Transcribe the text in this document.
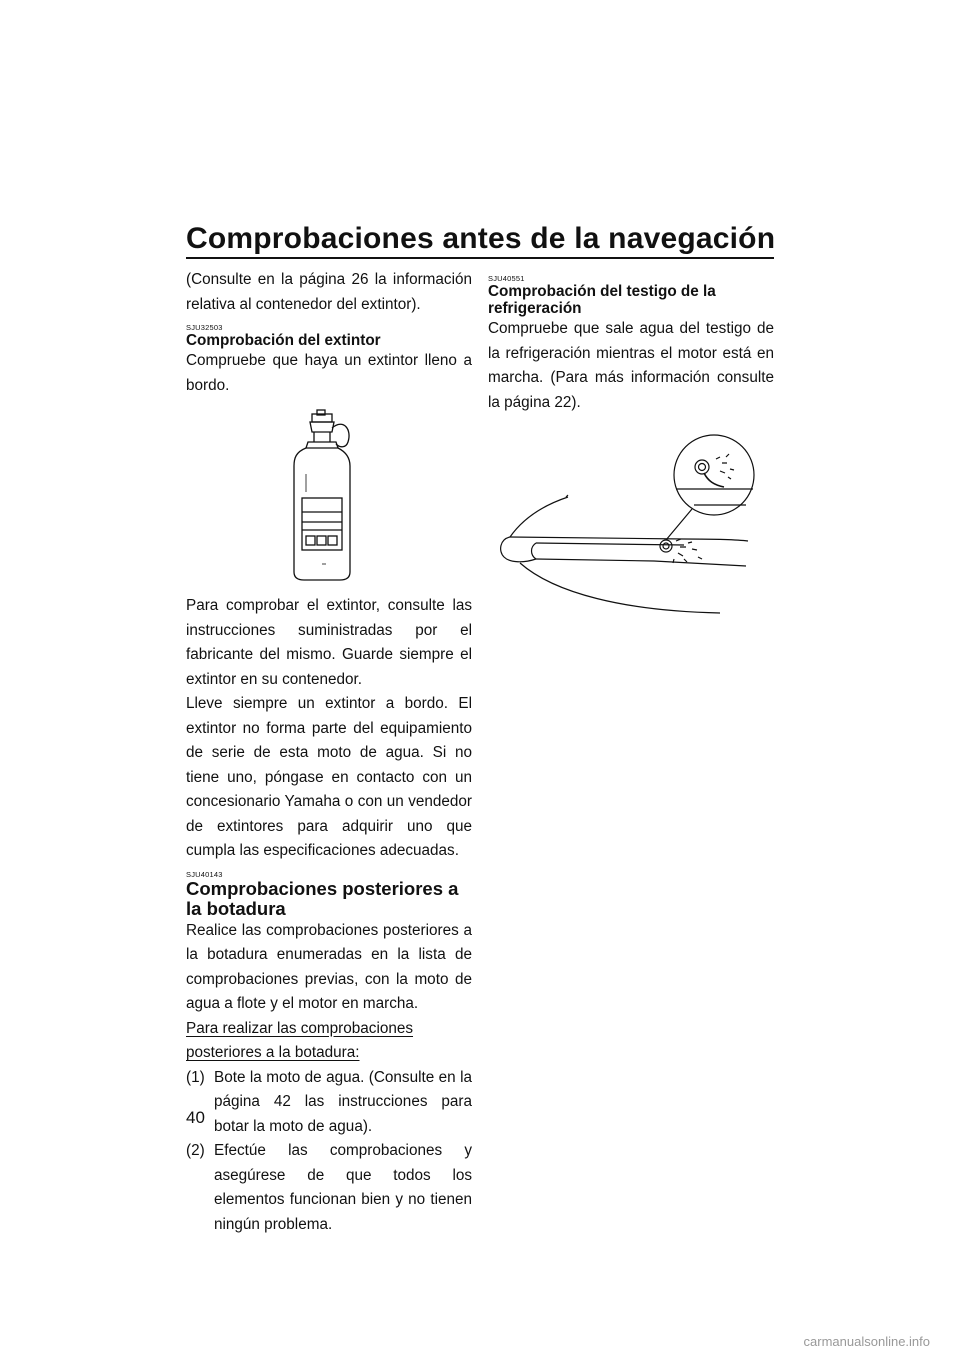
Comprobaciones antes de la navegación

(Consulte en la página 26 la información relativa al contenedor del extintor).

SJU32503
Comprobación del extintor

Compruebe que haya un extintor lleno a bordo.

Para comprobar el extintor, consulte las instrucciones suministradas por el fabricante del mismo. Guarde siempre el extintor en su contenedor.

Lleve siempre un extintor a bordo. El extintor no forma parte del equipamiento de serie de esta moto de agua. Si no tiene uno, póngase en contacto con un concesionario Yamaha o con un vendedor de extintores para adquirir uno que cumpla las especificaciones adecuadas.

SJU40143
Comprobaciones posteriores a la botadura

Realice las comprobaciones posteriores a la botadura enumeradas en la lista de comprobaciones previas, con la moto de agua a flote y el motor en marcha.

Para realizar las comprobaciones posteriores a la botadura:

(1) Bote la moto de agua. (Consulte en la página 42 las instrucciones para botar la moto de agua).
(2) Efectúe las comprobaciones y asegúrese de que todos los elementos funcionan bien y no tienen ningún problema.
SJU40551
Comprobación del testigo de la refrigeración

Compruebe que sale agua del testigo de la refrigeración mientras el motor está en marcha. (Para más información consulte la página 22).

40
carmanualsonline.info
